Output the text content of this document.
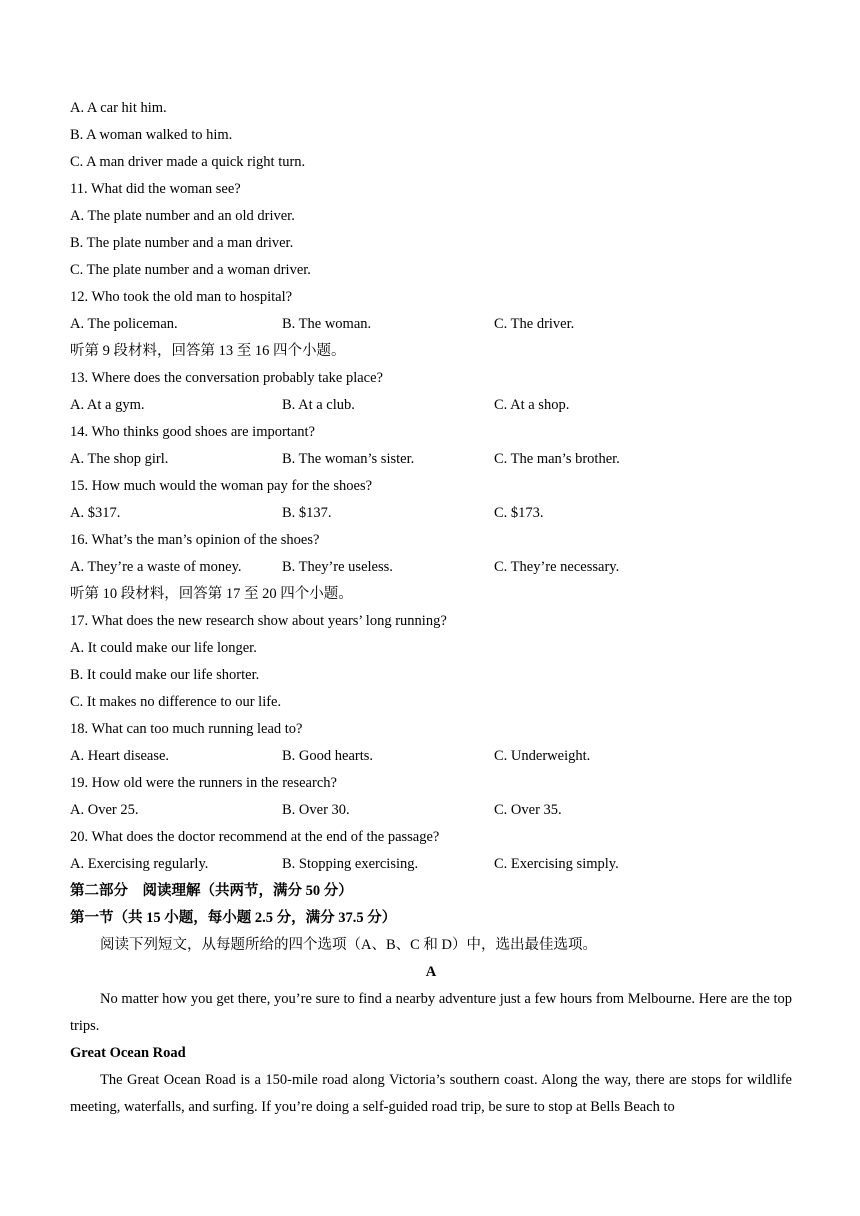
A. A car hit him.
B. A woman walked to him.
C. A man driver made a quick right turn.
11. What did the woman see?
A. The plate number and an old driver.
B. The plate number and a man driver.
C. The plate number and a woman driver.
12. Who took the old man to hospital?
A. The policeman.	B. The woman.	C. The driver.
听第 9 段材料，回答第 13 至 16 四个小题。
13. Where does the conversation probably take place?
A. At a gym.	B. At a club.	C. At a shop.
14. Who thinks good shoes are important?
A. The shop girl.	B. The woman’s sister.	C. The man’s brother.
15. How much would the woman pay for the shoes?
A. $317.	B. $137.	C. $173.
16. What’s the man’s opinion of the shoes?
A. They’re a waste of money.	B. They’re useless.	C. They’re necessary.
听第 10 段材料，回答第 17 至 20 四个小题。
17. What does the new research show about years’ long running?
A. It could make our life longer.
B. It could make our life shorter.
C. It makes no difference to our life.
18. What can too much running lead to?
A. Heart disease.	B. Good hearts.	C. Underweight.
19. How old were the runners in the research?
A. Over 25.	B. Over 30.	C. Over 35.
20. What does the doctor recommend at the end of the passage?
A. Exercising regularly.	B. Stopping exercising.	C. Exercising simply.
第二部分　阅读理解（共两节，满分 50 分）
第一节（共 15 小题，每小题 2.5 分，满分 37.5 分）
阅读下列短文，从每题所给的四个选项（A、B、C 和 D）中，选出最佳选项。
A
No matter how you get there, you’re sure to find a nearby adventure just a few hours from Melbourne. Here are the top trips.
Great Ocean Road
The Great Ocean Road is a 150-mile road along Victoria’s southern coast. Along the way, there are stops for wildlife meeting, waterfalls, and surfing. If you’re doing a self-guided road trip, be sure to stop at Bells Beach to
